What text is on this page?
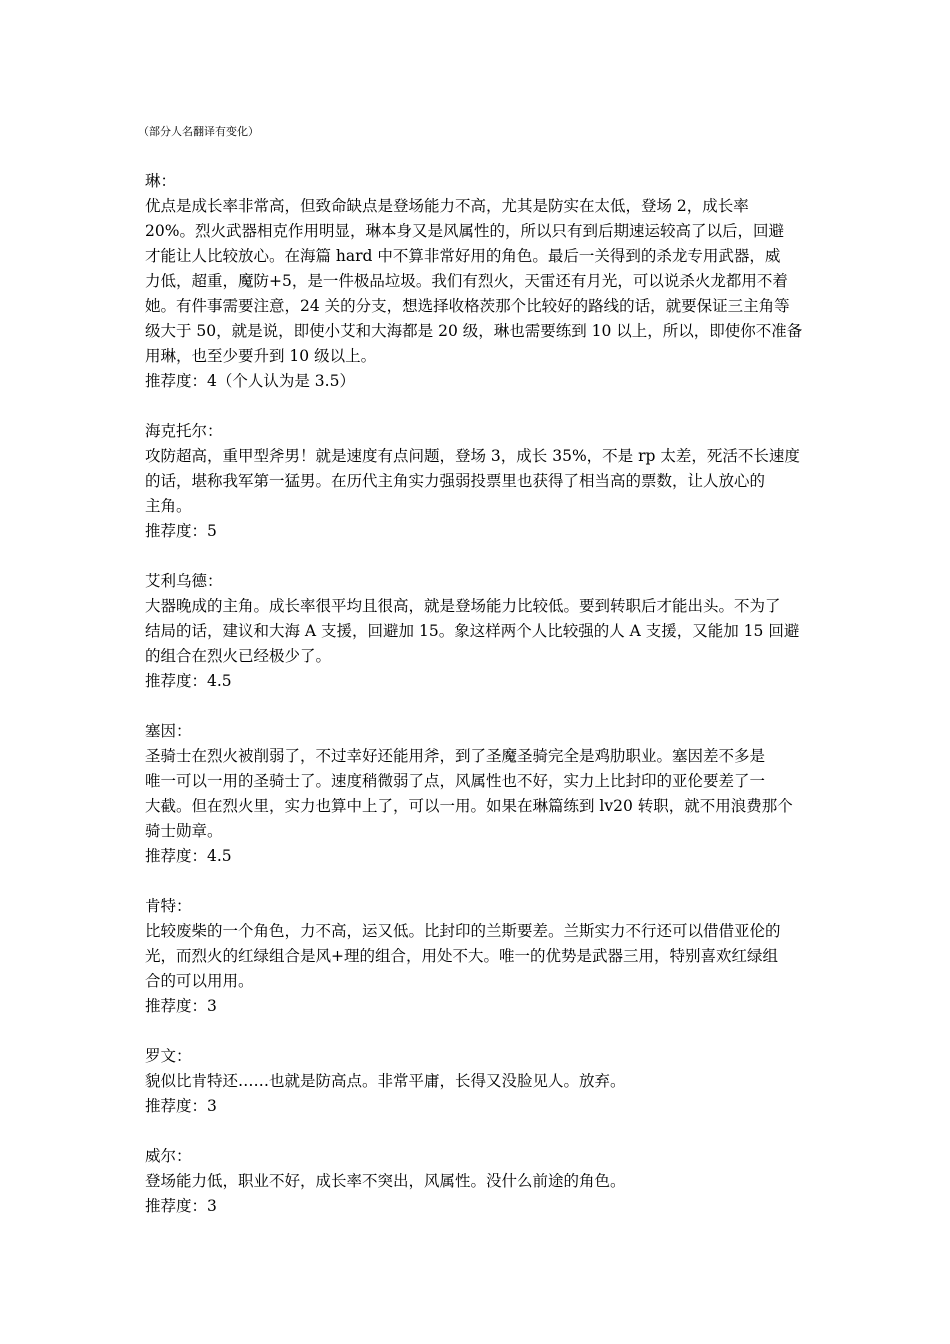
（部分人名翻译有变化）
琳：
优点是成长率非常高，但致命缺点是登场能力不高，尤其是防实在太低，登场 2，成长率
20%。烈火武器相克作用明显，琳本身又是风属性的，所以只有到后期速运较高了以后，回避
才能让人比较放心。在海篇 hard 中不算非常好用的角色。最后一关得到的杀龙专用武器，威
力低，超重，魔防+5，是一件极品垃圾。我们有烈火，天雷还有月光，可以说杀火龙都用不着
她。有件事需要注意，24 关的分支，想选择收格茨那个比较好的路线的话，就要保证三主角等
级大于 50，就是说，即使小艾和大海都是 20 级，琳也需要练到 10 以上，所以，即使你不准备
用琳，也至少要升到 10 级以上。
推荐度：4（个人认为是 3.5）
海克托尔：
攻防超高，重甲型斧男！就是速度有点问题，登场 3，成长 35%，不是 rp 太差，死活不长速度
的话，堪称我军第一猛男。在历代主角实力强弱投票里也获得了相当高的票数，让人放心的
主角。
推荐度：5
艾利乌德：
大器晚成的主角。成长率很平均且很高，就是登场能力比较低。要到转职后才能出头。不为了
结局的话，建议和大海 A 支援，回避加 15。象这样两个人比较强的人 A 支援，又能加 15 回避
的组合在烈火已经极少了。
推荐度：4.5
塞因：
圣骑士在烈火被削弱了，不过幸好还能用斧，到了圣魔圣骑完全是鸡肋职业。塞因差不多是
唯一可以一用的圣骑士了。速度稍微弱了点，风属性也不好，实力上比封印的亚伦要差了一
大截。但在烈火里，实力也算中上了，可以一用。如果在琳篇练到 lv20 转职，就不用浪费那个
骑士勋章。
推荐度：4.5
肯特：
比较废柴的一个角色，力不高，运又低。比封印的兰斯要差。兰斯实力不行还可以借借亚伦的
光，而烈火的红绿组合是风+理的组合，用处不大。唯一的优势是武器三用，特别喜欢红绿组
合的可以用用。
推荐度：3
罗文：
貌似比肯特还……也就是防高点。非常平庸，长得又没脸见人。放弃。
推荐度：3
威尔：
登场能力低，职业不好，成长率不突出，风属性。没什么前途的角色。
推荐度：3
